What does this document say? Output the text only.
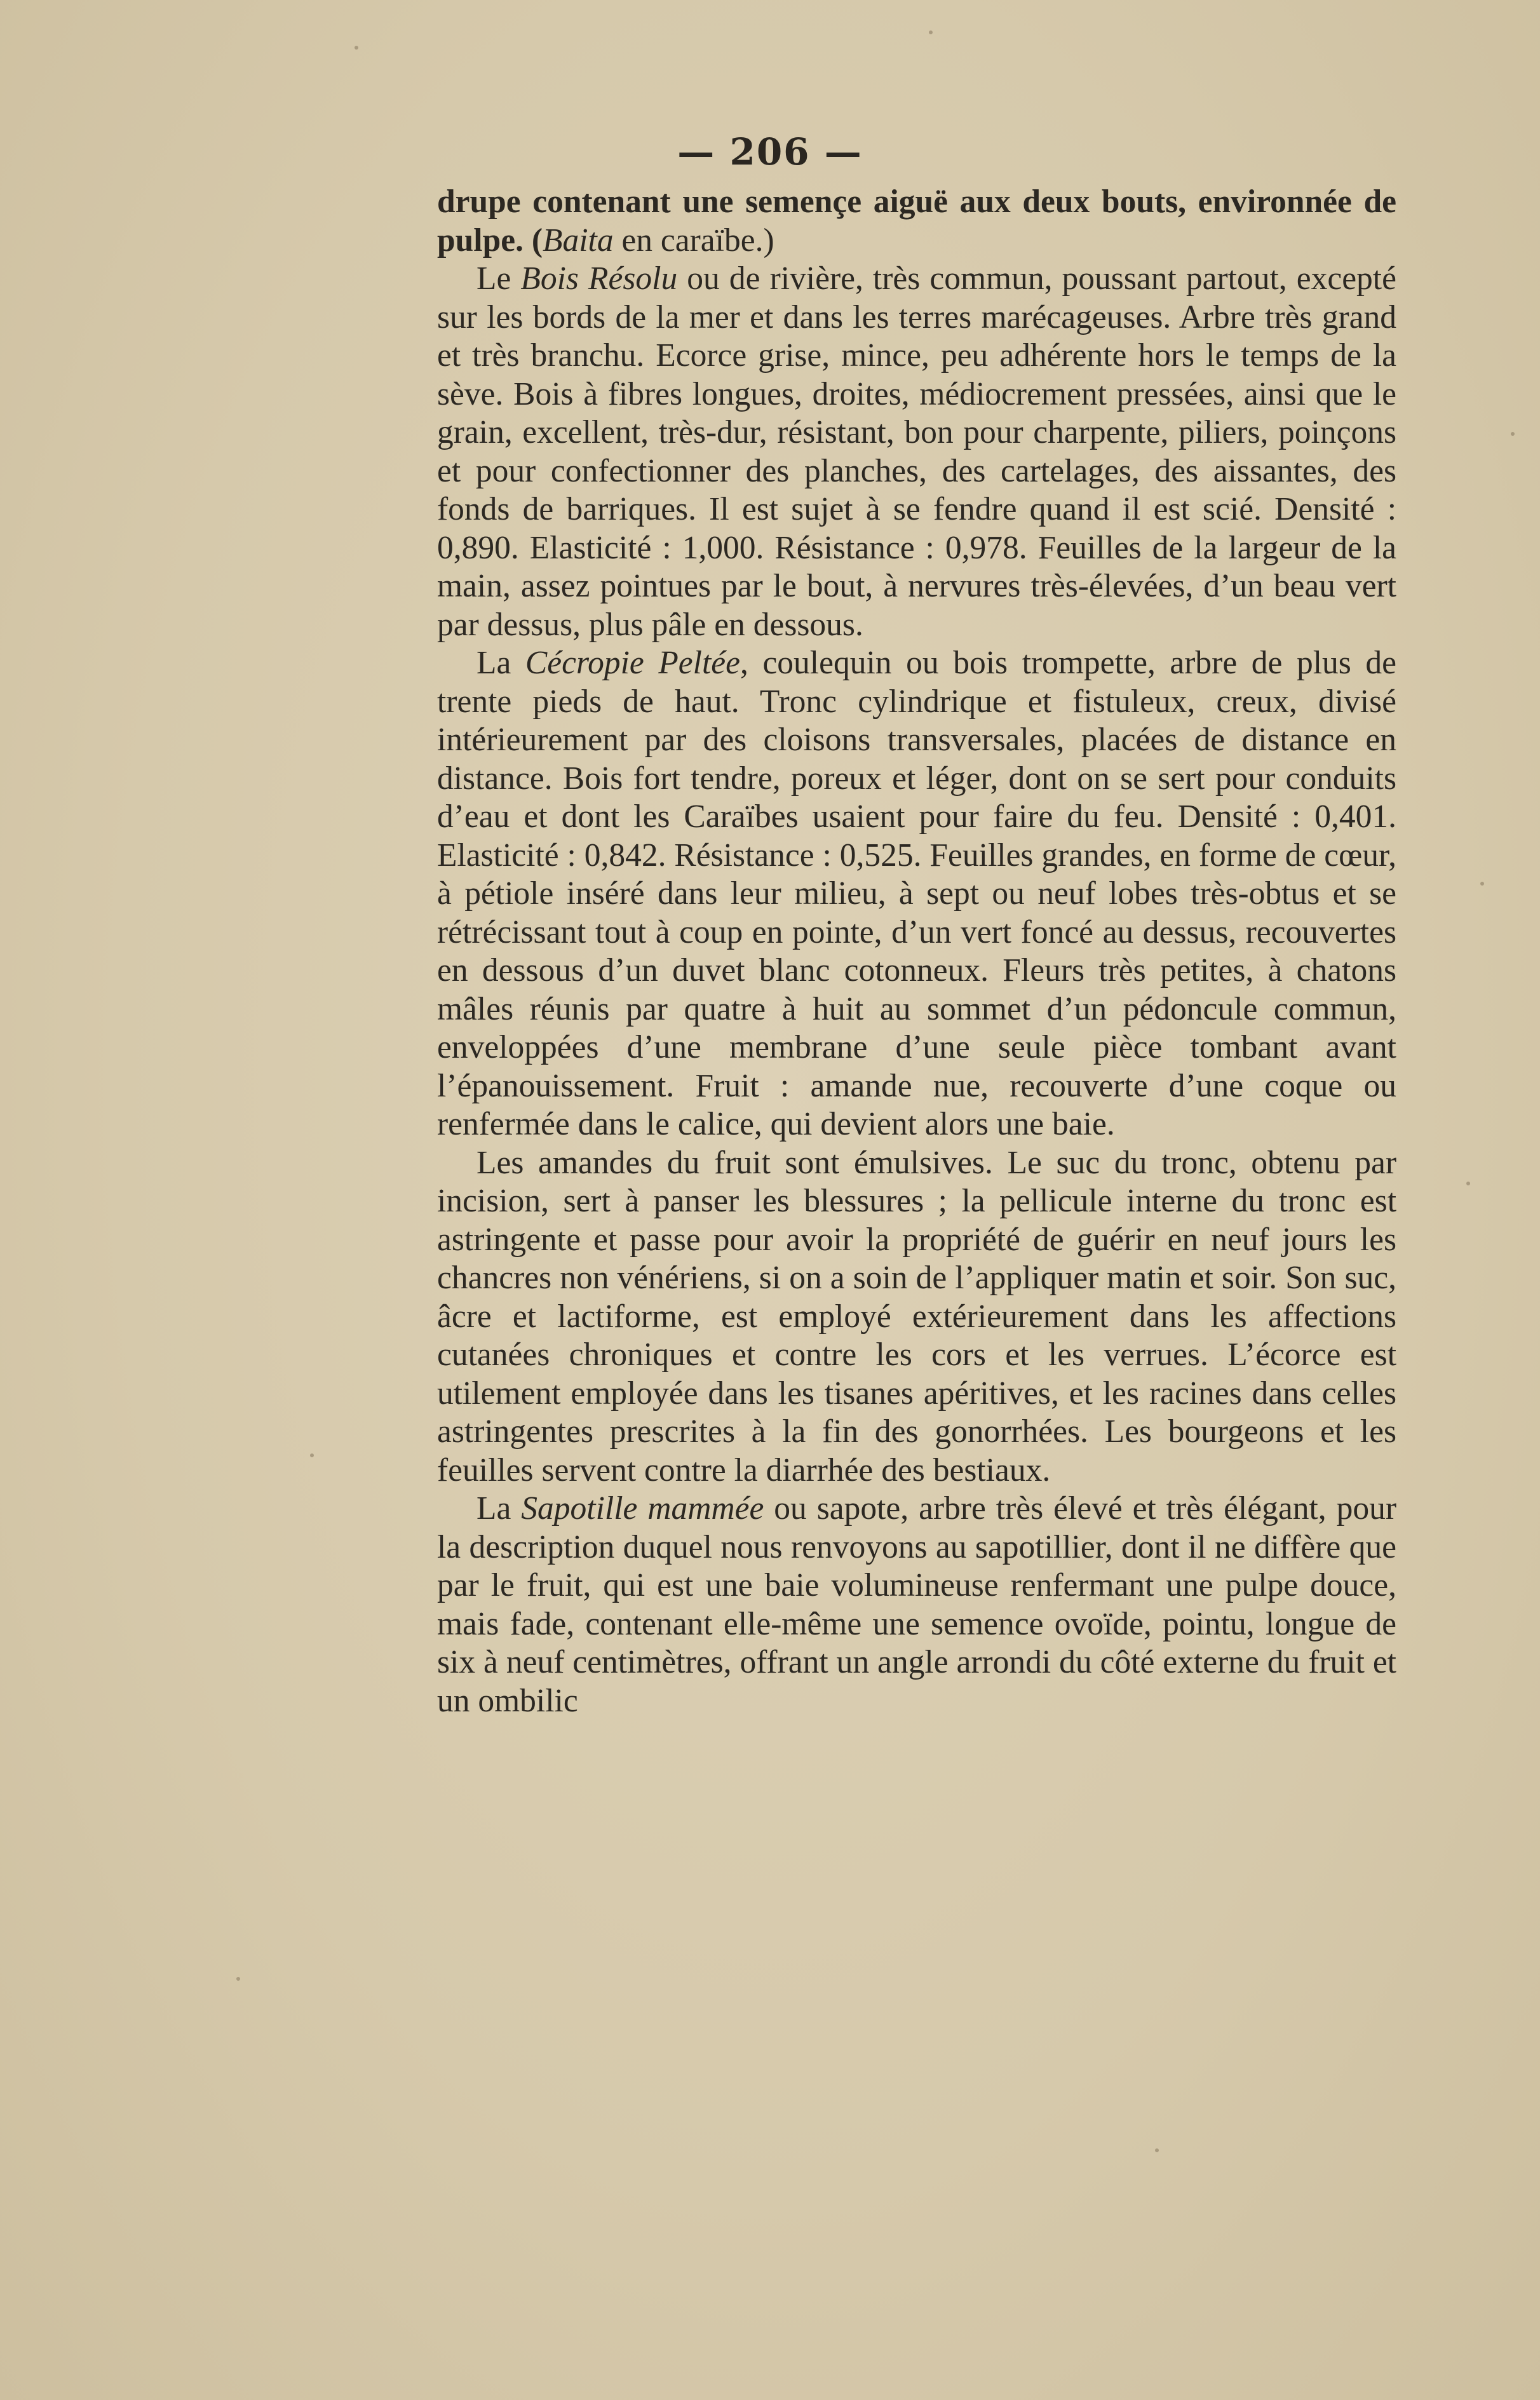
— 206 —

drupe contenant une semençe aiguë aux deux bouts, environnée de pulpe. (Baita en caraïbe.)

Le Bois Résolu ou de rivière, très commun, poussant partout, excepté sur les bords de la mer et dans les terres marécageuses. Arbre très grand et très branchu. Ecorce grise, mince, peu adhérente hors le temps de la sève. Bois à fibres longues, droites, médiocrement pressées, ainsi que le grain, excellent, très-dur, résistant, bon pour charpente, piliers, poinçons et pour confectionner des planches, des cartelages, des aissantes, des fonds de barriques. Il est sujet à se fendre quand il est scié. Densité : 0,890. Elasticité : 1,000. Résistance : 0,978. Feuilles de la largeur de la main, assez pointues par le bout, à nervures très-élevées, d’un beau vert par dessus, plus pâle en dessous.

La Cécropie Peltée, coulequin ou bois trompette, arbre de plus de trente pieds de haut. Tronc cylindrique et fistuleux, creux, divisé intérieurement par des cloisons transversales, placées de distance en distance. Bois fort tendre, poreux et léger, dont on se sert pour conduits d’eau et dont les Caraïbes usaient pour faire du feu. Densité : 0,401. Elasticité : 0,842. Résistance : 0,525. Feuilles grandes, en forme de cœur, à pétiole inséré dans leur milieu, à sept ou neuf lobes très-obtus et se rétrécissant tout à coup en pointe, d’un vert foncé au dessus, recouvertes en dessous d’un duvet blanc cotonneux. Fleurs très petites, à chatons mâles réunis par quatre à huit au sommet d’un pédoncule commun, enveloppées d’une membrane d’une seule pièce tombant avant l’épanouissement. Fruit : amande nue, recouverte d’une coque ou renfermée dans le calice, qui devient alors une baie.

Les amandes du fruit sont émulsives. Le suc du tronc, obtenu par incision, sert à panser les blessures ; la pellicule interne du tronc est astringente et passe pour avoir la propriété de guérir en neuf jours les chancres non vénériens, si on a soin de l’appliquer matin et soir. Son suc, âcre et lactiforme, est employé extérieurement dans les affections cutanées chroniques et contre les cors et les verrues. L’écorce est utilement employée dans les tisanes apéritives, et les racines dans celles astringentes prescrites à la fin des gonorrhées. Les bourgeons et les feuilles servent contre la diarrhée des bestiaux.

La Sapotille mammée ou sapote, arbre très élevé et très élégant, pour la description duquel nous renvoyons au sapotillier, dont il ne diffère que par le fruit, qui est une baie volumineuse renfermant une pulpe douce, mais fade, contenant elle-même une semence ovoïde, pointu, longue de six à neuf centimètres, offrant un angle arrondi du côté externe du fruit et un ombilic
